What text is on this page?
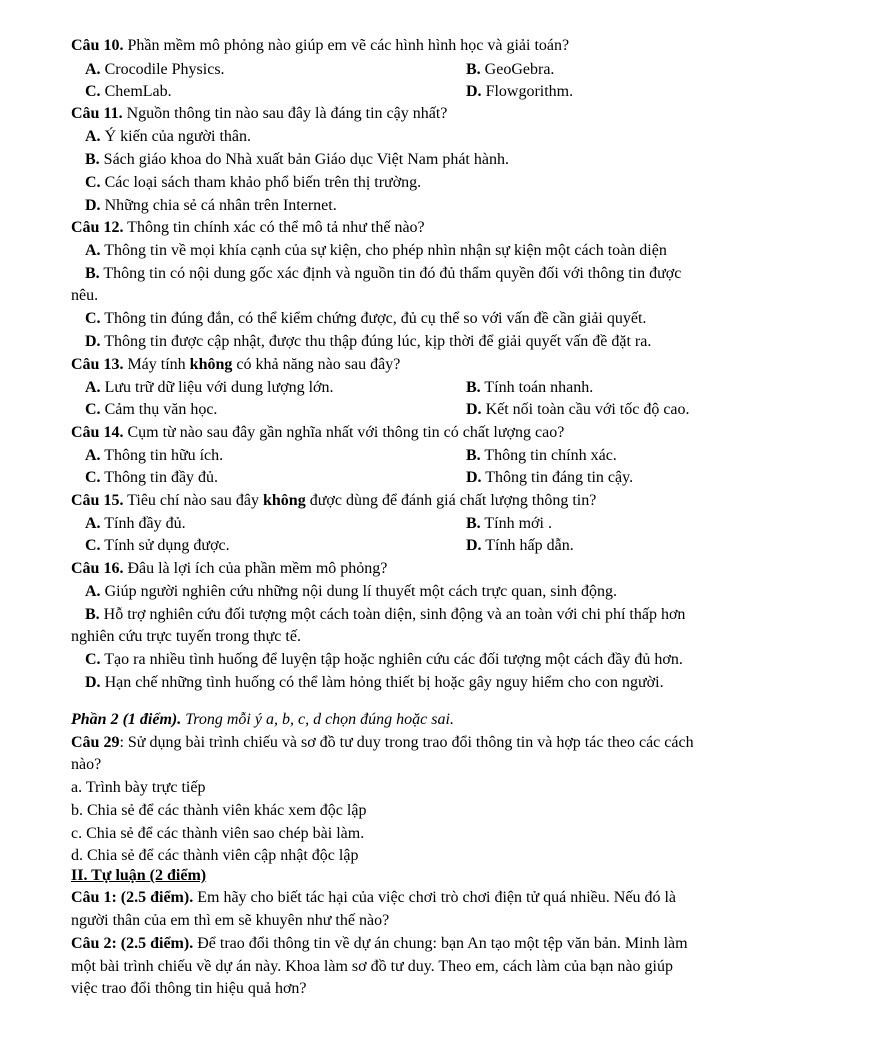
Câu 10. Phần mềm mô phỏng nào giúp em vẽ các hình hình học và giải toán?
A. Crocodile Physics.	B. GeoGebra.
C. ChemLab.	D. Flowgorithm.
Câu 11. Nguồn thông tin nào sau đây là đáng tin cậy nhất?
A. Ý kiến của người thân.
B. Sách giáo khoa do Nhà xuất bản Giáo dục Việt Nam phát hành.
C. Các loại sách tham khảo phổ biến trên thị trường.
D. Những chia sẻ cá nhân trên Internet.
Câu 12. Thông tin chính xác có thể mô tả như thế nào?
A. Thông tin về mọi khía cạnh của sự kiện, cho phép nhìn nhận sự kiện một cách toàn diện
B. Thông tin có nội dung gốc xác định và nguồn tin đó đủ thẩm quyền đối với thông tin được
nêu.
C. Thông tin đúng đắn, có thể kiểm chứng được, đủ cụ thể so với vấn đề cần giải quyết.
D. Thông tin được cập nhật, được thu thập đúng lúc, kịp thời để giải quyết vấn đề đặt ra.
Câu 13. Máy tính không có khả năng nào sau đây?
A. Lưu trữ dữ liệu với dung lượng lớn.	B. Tính toán nhanh.
C. Cảm thụ văn học.	D. Kết nối toàn cầu với tốc độ cao.
Câu 14. Cụm từ nào sau đây gần nghĩa nhất với thông tin có chất lượng cao?
A. Thông tin hữu ích.	B. Thông tin chính xác.
C. Thông tin đầy đủ.	D. Thông tin đáng tin cậy.
Câu 15. Tiêu chí nào sau đây không được dùng để đánh giá chất lượng thông tin?
A. Tính đầy đủ.	B. Tính mới .
C. Tính sử dụng được.	D. Tính hấp dẫn.
Câu 16. Đâu là lợi ích của phần mềm mô phỏng?
A. Giúp người nghiên cứu những nội dung lí thuyết một cách trực quan, sinh động.
B. Hỗ trợ nghiên cứu đối tượng một cách toàn diện, sinh động và an toàn với chi phí thấp hơn
nghiên cứu trực tuyến trong thực tế.
C. Tạo ra nhiều tình huống để luyện tập hoặc nghiên cứu các đối tượng một cách đầy đủ hơn.
D. Hạn chế những tình huống có thể làm hỏng thiết bị hoặc gây nguy hiểm cho con người.
Phần 2 (1 điểm). Trong mỗi ý a, b, c, d chọn đúng hoặc sai.
Câu 29: Sử dụng bài trình chiếu và sơ đồ tư duy trong trao đổi thông tin và hợp tác theo các cách
nào?
a. Trình bày trực tiếp
b. Chia sẻ để các thành viên khác xem độc lập
c. Chia sẻ để các thành viên sao chép bài làm.
d. Chia sẻ để các thành viên cập nhật độc lập
II. Tự luận (2 điểm)
Câu 1: (2.5 điểm). Em hãy cho biết tác hại của việc chơi trò chơi điện tử quá nhiều. Nếu đó là
người thân của em thì em sẽ khuyên như thế nào?
Câu 2: (2.5 điểm). Để trao đổi thông tin về dự án chung: bạn An tạo một tệp văn bản. Minh làm
một bài trình chiếu về dự án này. Khoa làm sơ đồ tư duy. Theo em, cách làm của bạn nào giúp
việc trao đổi thông tin hiệu quả hơn?
